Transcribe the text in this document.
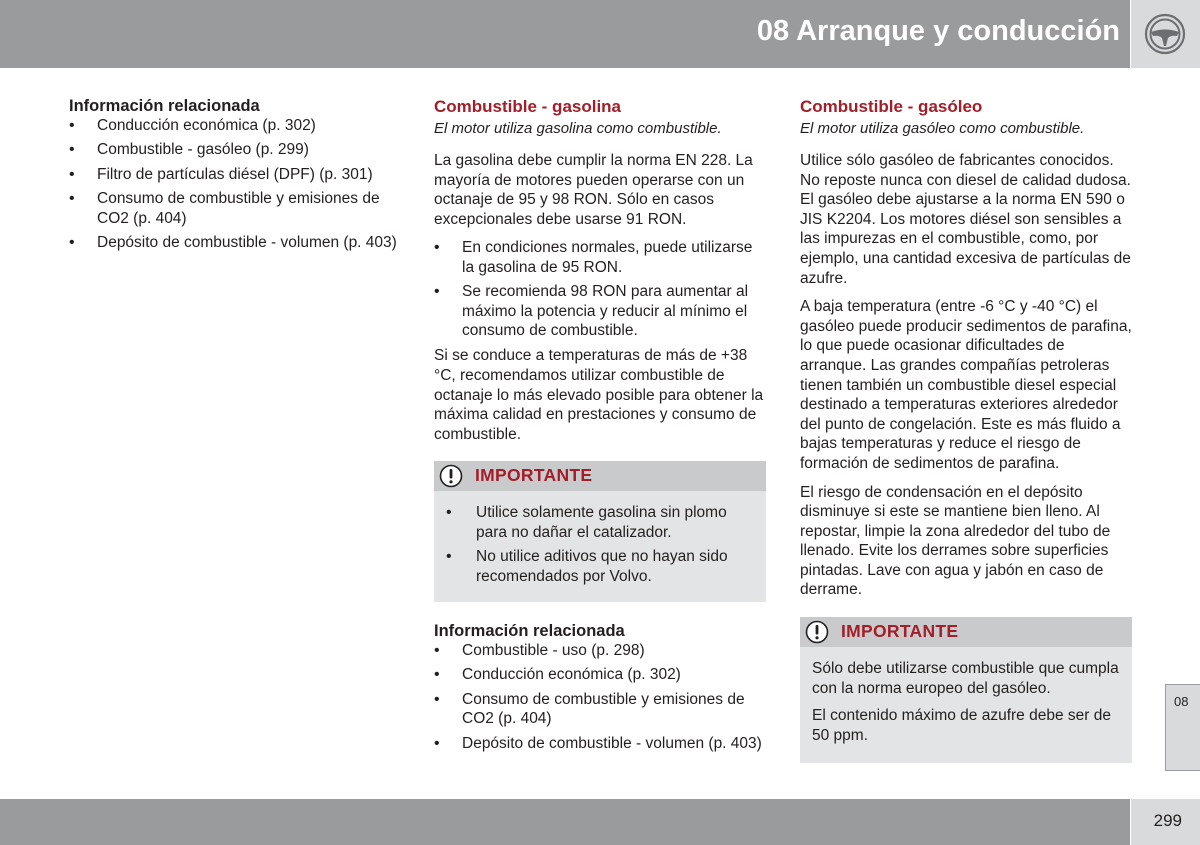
08 Arranque y conducción
08
299
Información relacionada
• Conducción económica (p. 302)
• Combustible - gasóleo (p. 299)
• Filtro de partículas diésel (DPF) (p. 301)
• Consumo de combustible y emisiones de CO2 (p. 404)
• Depósito de combustible - volumen (p. 403)
Combustible - gasolina
El motor utiliza gasolina como combustible.

La gasolina debe cumplir la norma EN 228. La mayoría de motores pueden operarse con un octanaje de 95 y 98 RON. Sólo en casos excepcionales debe usarse 91 RON.

• En condiciones normales, puede utilizarse la gasolina de 95 RON.
• Se recomienda 98 RON para aumentar al máximo la potencia y reducir al mínimo el consumo de combustible.

Si se conduce a temperaturas de más de +38 °C, recomendamos utilizar combustible de octanaje lo más elevado posible para obtener la máxima calidad en prestaciones y consumo de combustible.

IMPORTANTE
• Utilice solamente gasolina sin plomo para no dañar el catalizador.
• No utilice aditivos que no hayan sido recomendados por Volvo.
Información relacionada
• Combustible - uso (p. 298)
• Conducción económica (p. 302)
• Consumo de combustible y emisiones de CO2 (p. 404)
• Depósito de combustible - volumen (p. 403)
Combustible - gasóleo
El motor utiliza gasóleo como combustible.

Utilice sólo gasóleo de fabricantes conocidos. No reposte nunca con diesel de calidad dudosa. El gasóleo debe ajustarse a la norma EN 590 o JIS K2204. Los motores diésel son sensibles a las impurezas en el combustible, como, por ejemplo, una cantidad excesiva de partículas de azufre.

A baja temperatura (entre -6 °C y -40 °C) el gasóleo puede producir sedimentos de parafina, lo que puede ocasionar dificultades de arranque. Las grandes compañías petroleras tienen también un combustible diesel especial destinado a temperaturas exteriores alrededor del punto de congelación. Este es más fluido a bajas temperaturas y reduce el riesgo de formación de sedimentos de parafina.

El riesgo de condensación en el depósito disminuye si este se mantiene bien lleno. Al repostar, limpie la zona alrededor del tubo de llenado. Evite los derrames sobre superficies pintadas. Lave con agua y jabón en caso de derrame.

IMPORTANTE

Sólo debe utilizarse combustible que cumpla con la norma europeo del gasóleo.

El contenido máximo de azufre debe ser de 50 ppm.
